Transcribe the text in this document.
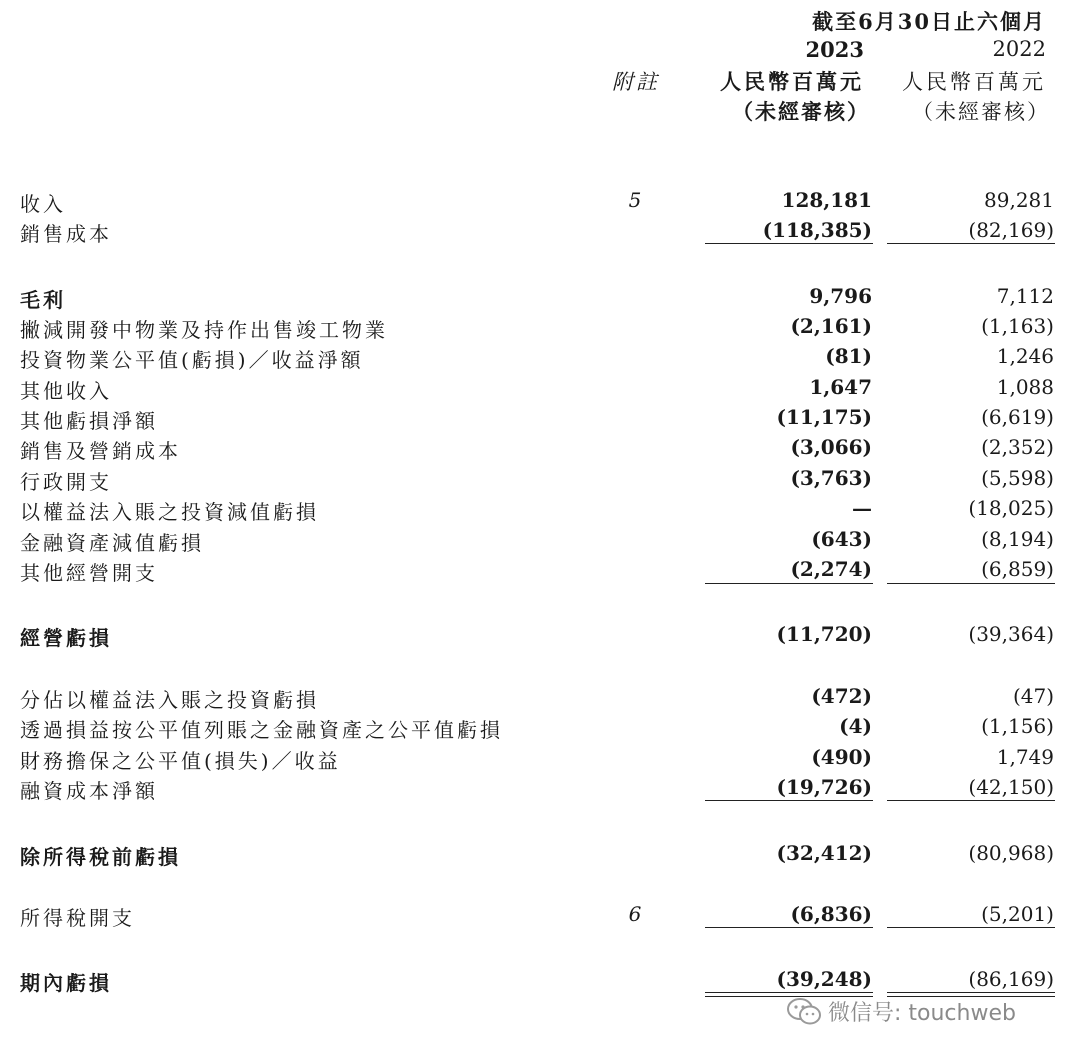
截至6月30日止六個月
2023	2022
附註	人民幣百萬元 人民幣百萬元
（未經審核） （未經審核）
收入	5	128,181	89,281
銷售成本	(118,385)	(82,169)
毛利	9,796	7,112
撇減開發中物業及持作出售竣工物業	(2,161)	(1,163)
投資物業公平值(虧損)／收益淨額	(81)	1,246
其他收入	1,647	1,088
其他虧損淨額	(11,175)	(6,619)
銷售及營銷成本	(3,066)	(2,352)
行政開支	(3,763)	(5,598)
以權益法入賬之投資減值虧損	—	(18,025)
金融資產減值虧損	(643)	(8,194)
其他經營開支	(2,274)	(6,859)
經營虧損	(11,720)	(39,364)
分佔以權益法入賬之投資虧損	(472)	(47)
透過損益按公平值列賬之金融資產之公平值虧損	(4)	(1,156)
財務擔保之公平值(損失)／收益	(490)	1,749
融資成本淨額	(19,726)	(42,150)
除所得稅前虧損	(32,412)	(80,968)
所得稅開支	6	(6,836)	(5,201)
期內虧損	(39,248)	(86,169)
微信号: touchweb
